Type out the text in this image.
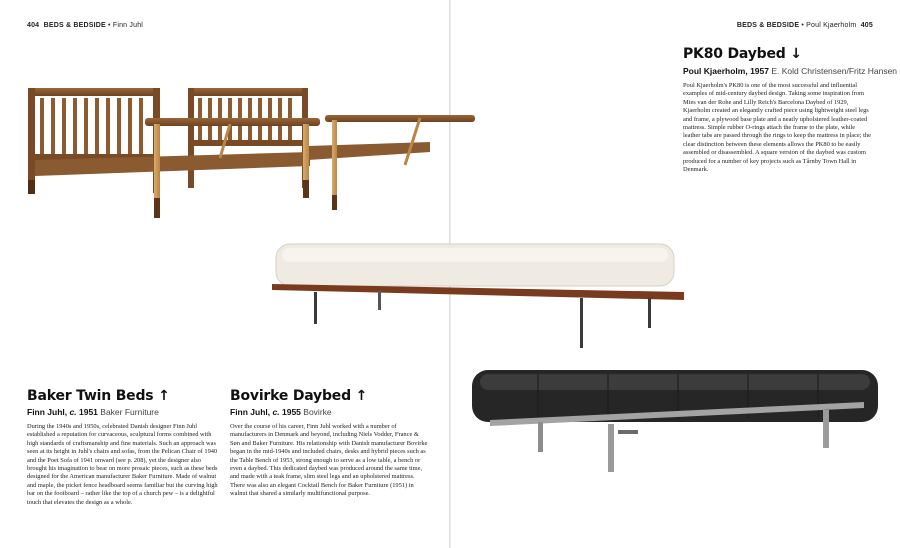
404 BEDS & BEDSIDE • Finn Juhl	BEDS & BEDSIDE • Poul Kjaerholm 405
Baker Twin Beds ↑
Finn Juhl, c. 1951 Baker Furniture
During the 1940s and 1950s, celebrated Danish designer Finn Juhl established a reputation for curvaceous, sculptural forms combined with high standards of craftsmanship and fine materials. Such an approach was seen at its height in Juhl's chairs and sofas, from the Pelican Chair of 1940 and the Poet Sofa of 1941 onward (see p. 208), yet the designer also brought his imagination to bear on more prosaic pieces, such as these beds designed for the American manufacturer Baker Furniture. Made of walnut and maple, the picket fence headboard seems familiar but the curving high bar on the footboard – rather like the top of a church pew – is a delightful touch that elevates the design as a whole.
Bovirke Daybed ↑
Finn Juhl, c. 1955 Bovirke
Over the course of his career, Finn Juhl worked with a number of manufacturers in Denmark and beyond, including Niels Vodder, France & Søn and Baker Furniture. His relationship with Danish manufacturer Bovirke began in the mid-1940s and included chairs, desks and hybrid pieces such as the Table Bench of 1953, strong enough to serve as a low table, a bench or even a daybed. This dedicated daybed was produced around the same time, and made with a teak frame, slim steel legs and an upholstered mattress. There was also an elegant Cocktail Bench for Baker Furniture (1951) in walnut that shared a similarly multifunctional purpose.
PK80 Daybed ↓
Poul Kjaerholm, 1957 E. Kold Christensen/Fritz Hansen
Poul Kjaerholm's PK80 is one of the most successful and influential examples of mid-century daybed design. Taking some inspiration from Mies van der Rohe and Lilly Reich's Barcelona Daybed of 1929, Kjaerholm created an elegantly crafted piece using lightweight steel legs and frame, a plywood base plate and a neatly upholstered leather-coated mattress. Simple rubber O-rings attach the frame to the plate, while leather tabs are passed through the rings to keep the mattress in place; the clear distinction between these elements allows the PK80 to be easily assembled or disassembled. A square version of the daybed was custom produced for a number of key projects such as Tårnby Town Hall in Denmark.
